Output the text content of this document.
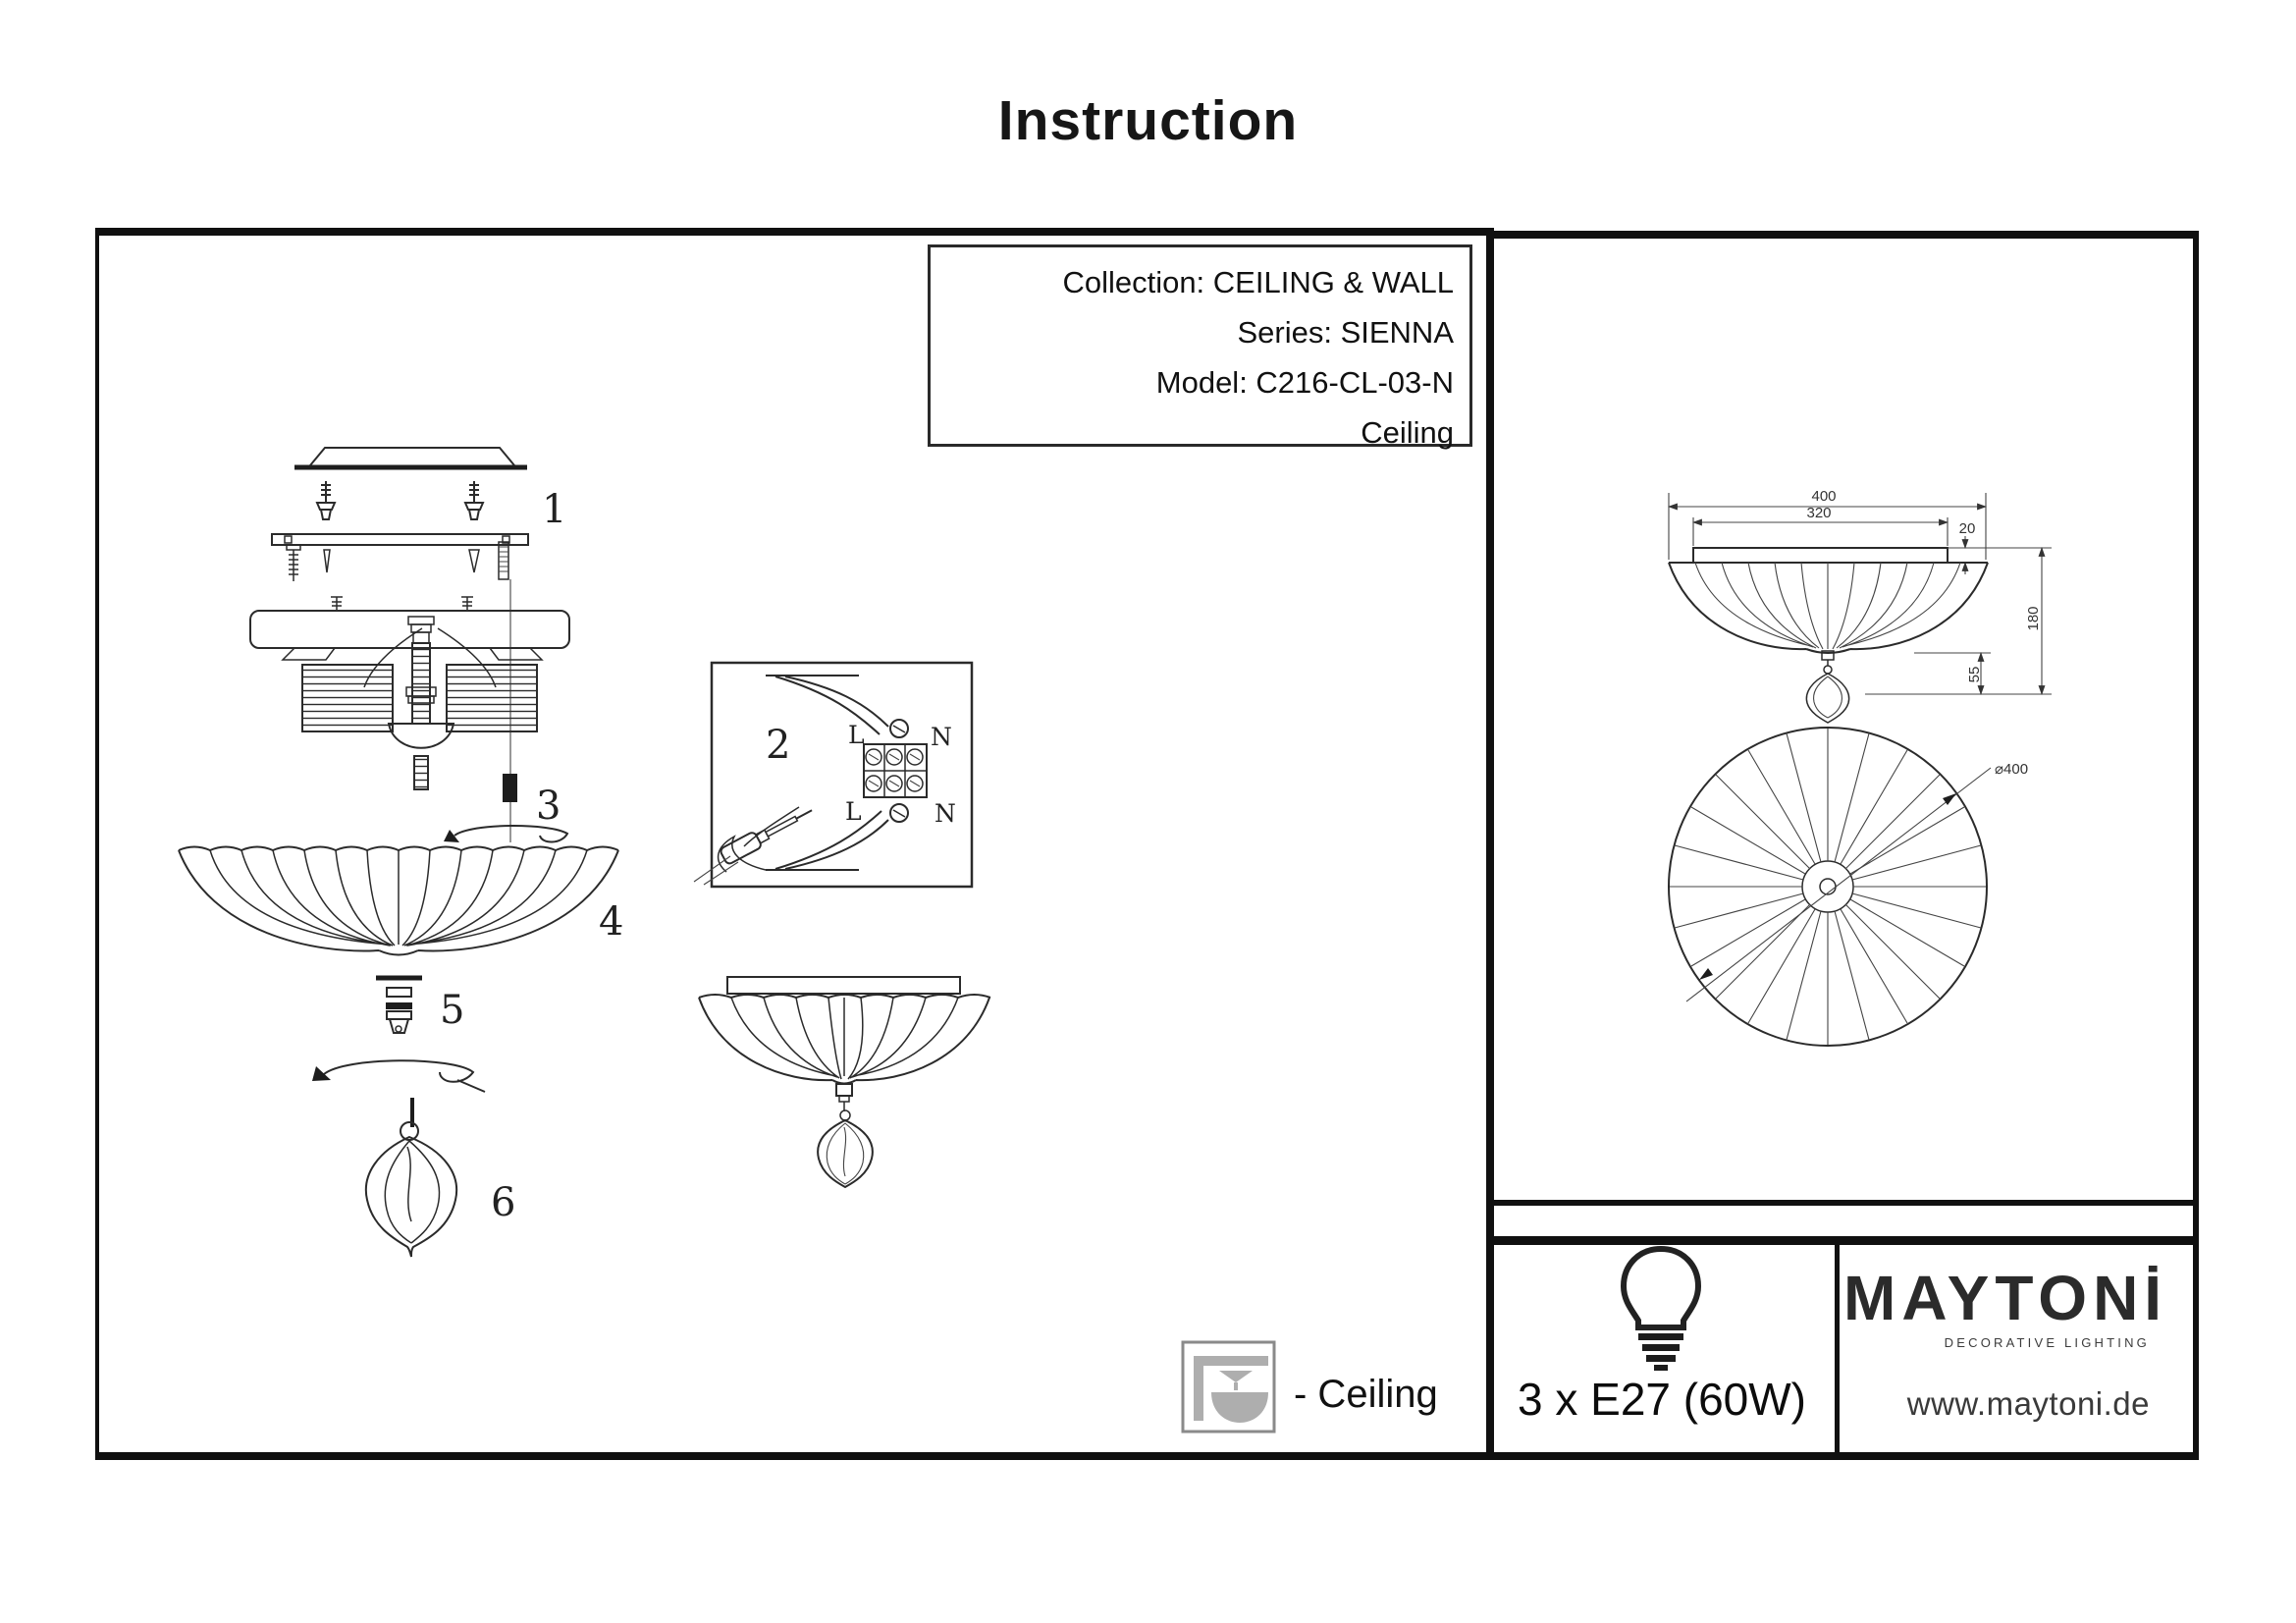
Instruction
Collection: CEILING & WALL
Series: SIENNA
Model: C216-CL-03-N
Ceiling
3 x E27 (60W)
MAYTONİ
DECORATIVE LIGHTING
www.maytoni.de
- Ceiling
1
3
4
5
6
2 L	N
L	N
400
320
20
180
55
⌀400
